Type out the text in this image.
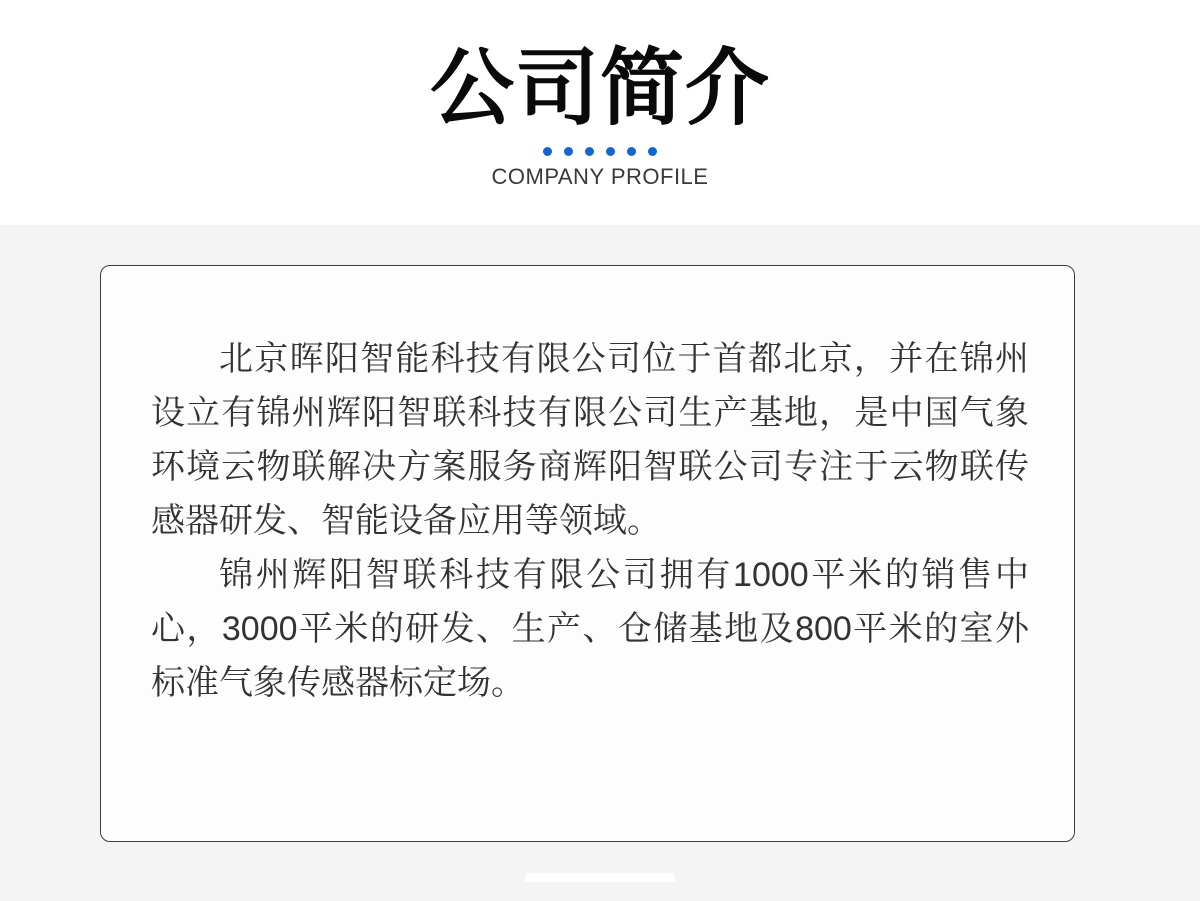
公司简介
COMPANY PROFILE

北京晖阳智能科技有限公司位于首都北京，并在锦州设立有锦州辉阳智联科技有限公司生产基地，是中国气象环境云物联解决方案服务商辉阳智联公司专注于云物联传感器研发、智能设备应用等领域。

锦州辉阳智联科技有限公司拥有1000平米的销售中心，3000平米的研发、生产、仓储基地及800平米的室外标准气象传感器标定场。
